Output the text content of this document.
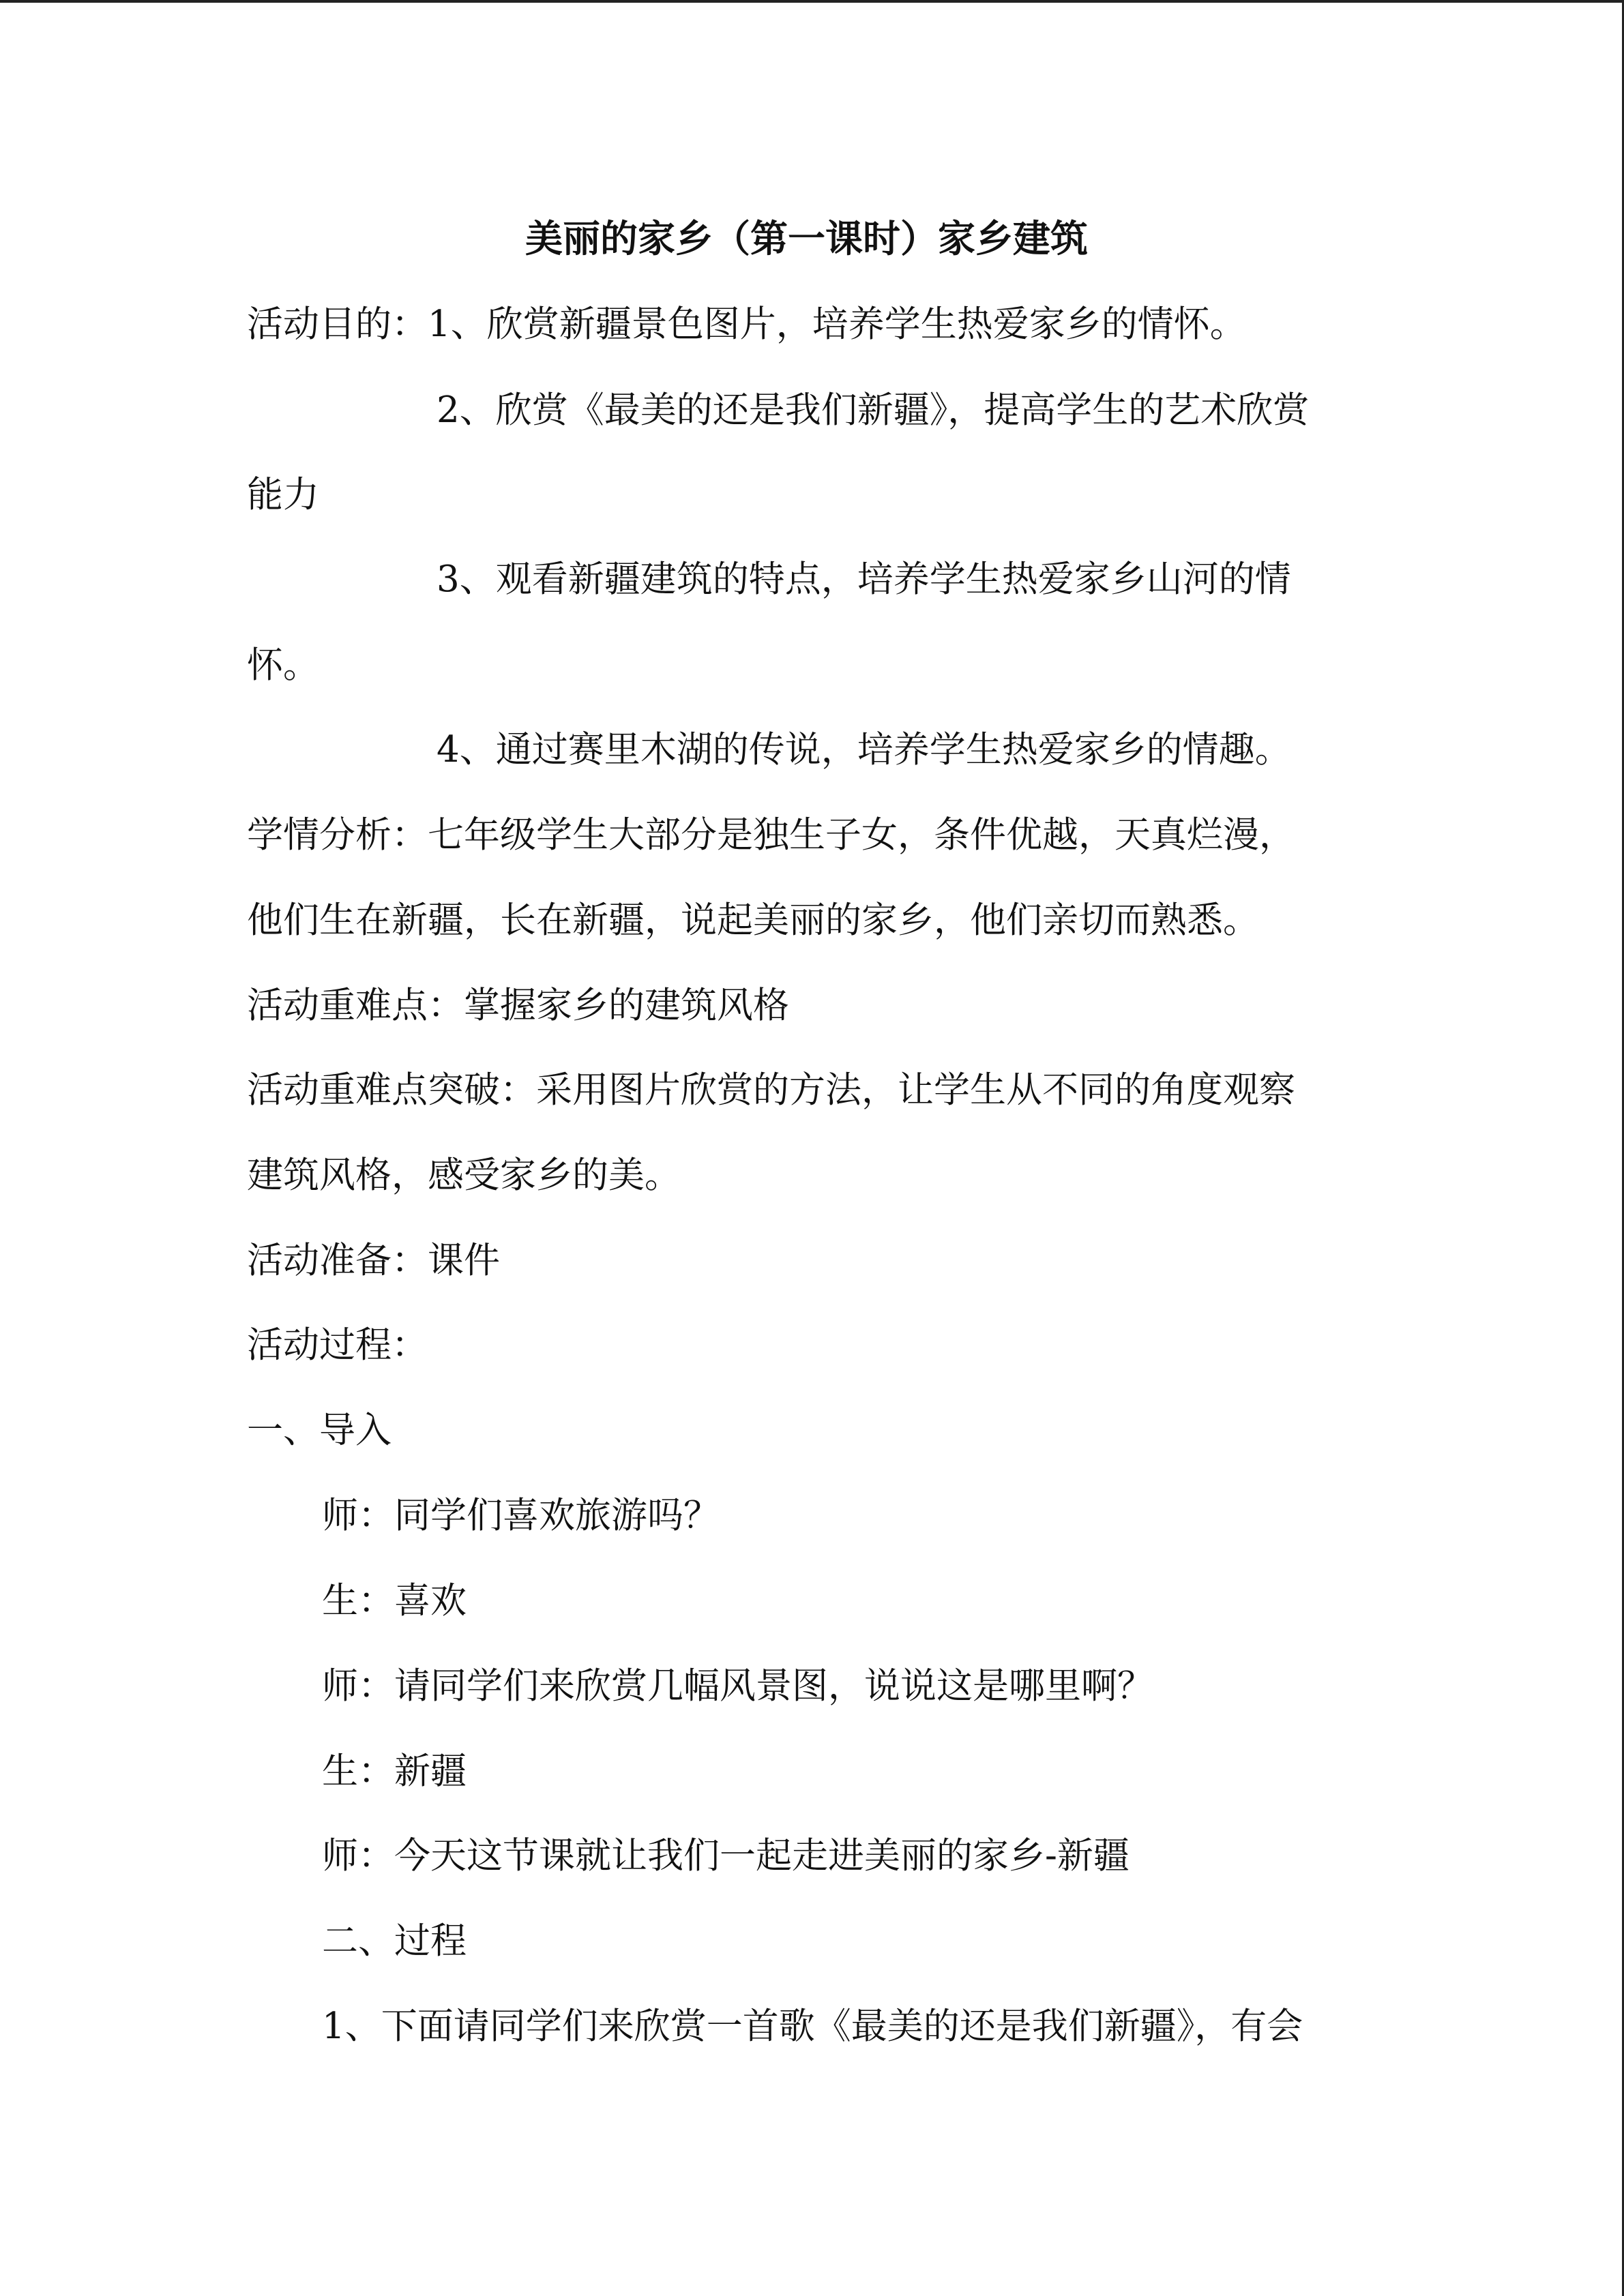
美丽的家乡（第一课时）家乡建筑
活动目的：1、欣赏新疆景色图片，培养学生热爱家乡的情怀。
2、欣赏《最美的还是我们新疆》，提高学生的艺术欣赏
能力
3、观看新疆建筑的特点，培养学生热爱家乡山河的情
怀。
4、通过赛里木湖的传说，培养学生热爱家乡的情趣。
学情分析：七年级学生大部分是独生子女，条件优越，天真烂漫，
他们生在新疆，长在新疆，说起美丽的家乡，他们亲切而熟悉。
活动重难点：掌握家乡的建筑风格
活动重难点突破：采用图片欣赏的方法，让学生从不同的角度观察
建筑风格，感受家乡的美。
活动准备：课件
活动过程：
一、导入
师：同学们喜欢旅游吗？
生：喜欢
师：请同学们来欣赏几幅风景图，说说这是哪里啊？
生：新疆
师：今天这节课就让我们一起走进美丽的家乡-新疆
二、过程
1、下面请同学们来欣赏一首歌《最美的还是我们新疆》，有会
